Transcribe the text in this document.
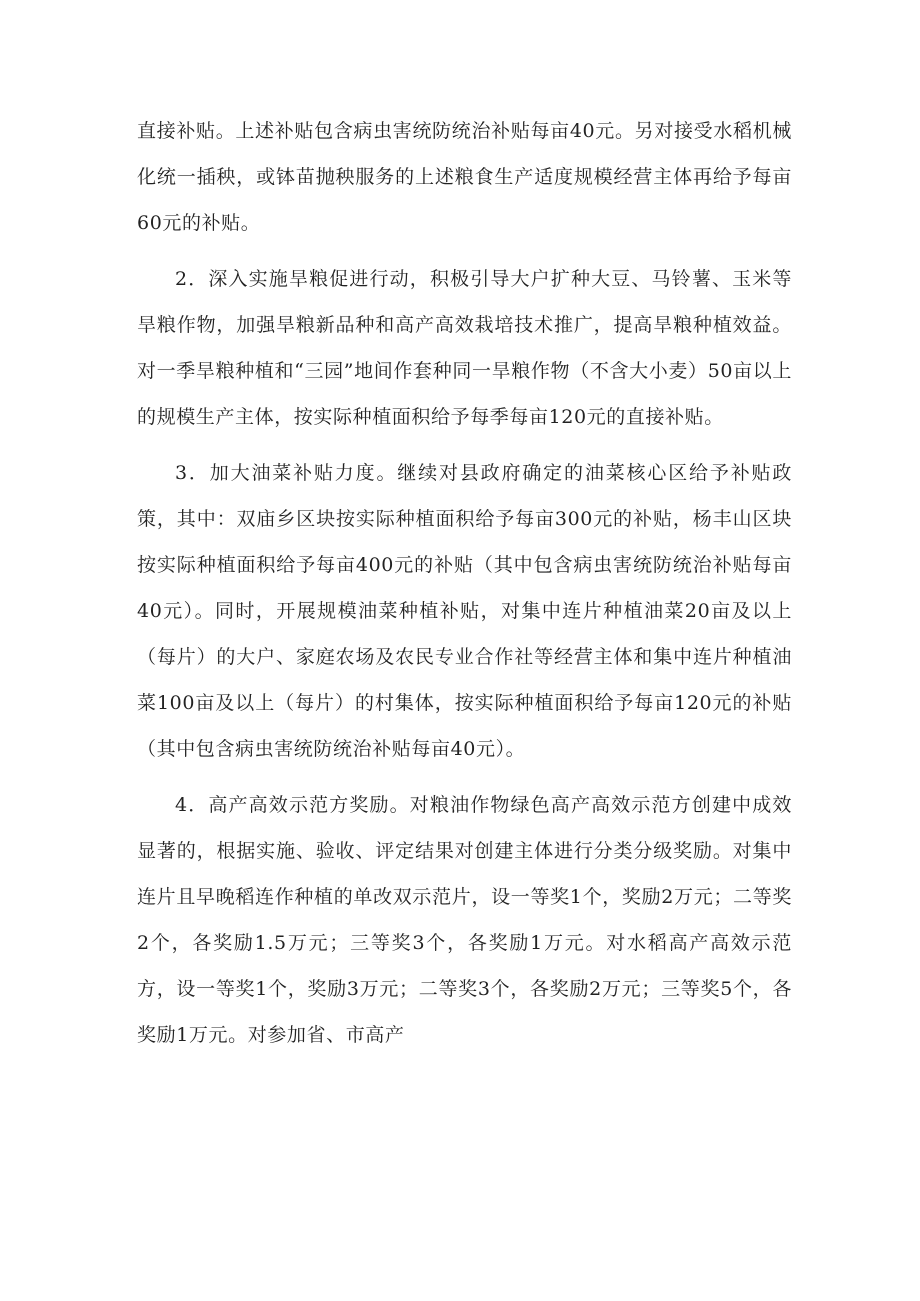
直接补贴。上述补贴包含病虫害统防统治补贴每亩40元。另对接受水稻机械化统一插秧，或钵苗抛秧服务的上述粮食生产适度规模经营主体再给予每亩60元的补贴。

2．深入实施旱粮促进行动，积极引导大户扩种大豆、马铃薯、玉米等旱粮作物，加强旱粮新品种和高产高效栽培技术推广，提高旱粮种植效益。对一季旱粮种植和“三园”地间作套种同一旱粮作物（不含大小麦）50亩以上的规模生产主体，按实际种植面积给予每季每亩120元的直接补贴。

3．加大油菜补贴力度。继续对县政府确定的油菜核心区给予补贴政策，其中：双庙乡区块按实际种植面积给予每亩300元的补贴，杨丰山区块按实际种植面积给予每亩400元的补贴（其中包含病虫害统防统治补贴每亩40元）。同时，开展规模油菜种植补贴，对集中连片种植油菜20亩及以上（每片）的大户、家庭农场及农民专业合作社等经营主体和集中连片种植油菜100亩及以上（每片）的村集体，按实际种植面积给予每亩120元的补贴（其中包含病虫害统防统治补贴每亩40元）。

4．高产高效示范方奖励。对粮油作物绿色高产高效示范方创建中成效显著的，根据实施、验收、评定结果对创建主体进行分类分级奖励。对集中连片且早晚稻连作种植的单改双示范片，设一等奖1个，奖励2万元；二等奖2个，各奖励1.5万元；三等奖3个，各奖励1万元。对水稻高产高效示范方，设一等奖1个，奖励3万元；二等奖3个，各奖励2万元；三等奖5个，各奖励1万元。对参加省、市高产
